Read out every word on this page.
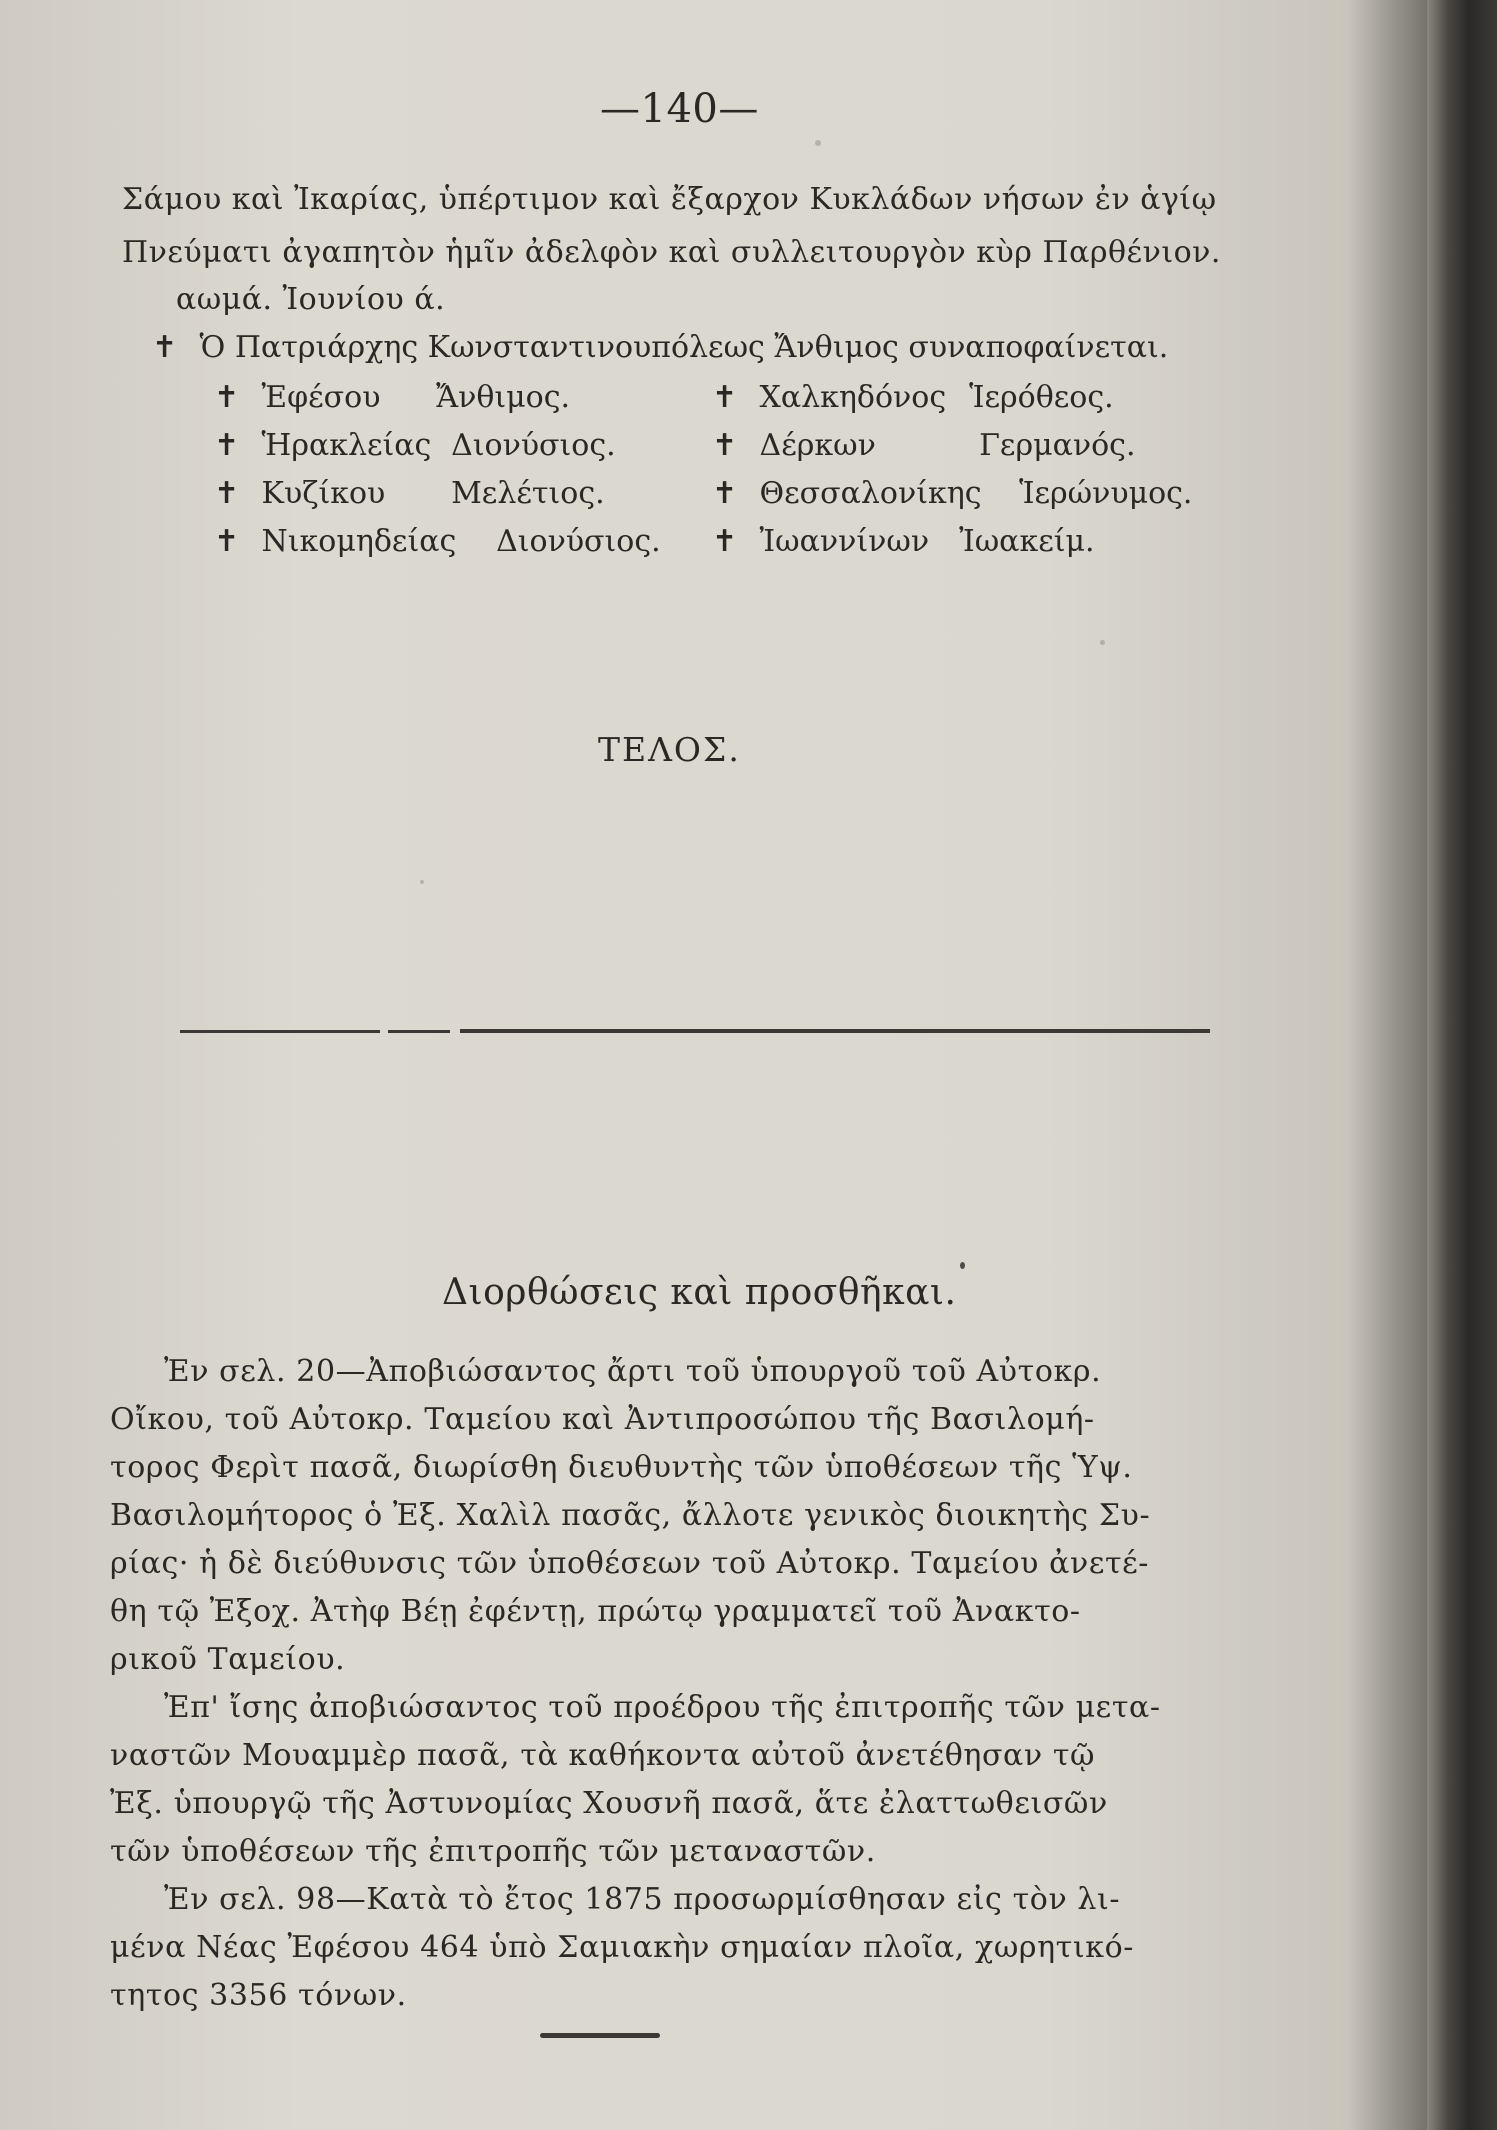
—140—
Σάμου καὶ Ἰκαρίας, ὑπέρτιμον καὶ ἔξαρχον Κυκλάδων νήσων ἐν ἁγίῳ
Πνεύματι ἀγαπητὸν ἡμῖν ἀδελφὸν καὶ συλλειτουργὸν κὺρ Παρθένιον.
αωμά. Ἰουνίου ά.
✝ Ὁ Πατριάρχης Κωνσταντινουπόλεως Ἄνθιμος συναποφαίνεται.
✝ Ἐφέσου Ἄνθιμος.	✝ Χαλκηδόνος Ἱερόθεος.
✝ Ἡρακλείας Διονύσιος.	✝ Δέρκων	Γερμανός.
✝ Κυζίκου Μελέτιος.	✝ Θεσσαλονίκης Ἱερώνυμος.
✝ Νικομηδείας Διονύσιος. ✝ Ἰωαννίνων Ἰωακείμ.
ΤΕΛΟΣ.
Διορθώσεις καὶ προσθῆκαι.
Ἐν σελ. 20—Ἀποβιώσαντος ἄρτι τοῦ ὑπουργοῦ τοῦ Αὐτοκρ.
Οἴκου, τοῦ Αὐτοκρ. Ταμείου καὶ Ἀντιπροσώπου τῆς Βασιλομή-
τορος Φερὶτ πασᾶ, διωρίσθη διευθυντὴς τῶν ὑποθέσεων τῆς Ὑψ.
Βασιλομήτορος ὁ Ἐξ. Χαλὶλ πασᾶς, ἄλλοτε γενικὸς διοικητὴς Συ-
ρίας· ἡ δὲ διεύθυνσις τῶν ὑποθέσεων τοῦ Αὐτοκρ. Ταμείου ἀνετέ-
θη τῷ Ἐξοχ. Ἀτὴφ Βέῃ ἐφέντῃ, πρώτῳ γραμματεῖ τοῦ Ἀνακτο-
ρικοῦ Ταμείου.
Ἐπ' ἴσης ἀποβιώσαντος τοῦ προέδρου τῆς ἐπιτροπῆς τῶν μετα-
ναστῶν Μουαμμὲρ πασᾶ, τὰ καθήκοντα αὐτοῦ ἀνετέθησαν τῷ
Ἐξ. ὑπουργῷ τῆς Ἀστυνομίας Χουσνῆ πασᾶ, ἅτε ἐλαττωθεισῶν
τῶν ὑποθέσεων τῆς ἐπιτροπῆς τῶν μεταναστῶν.
Ἐν σελ. 98—Κατὰ τὸ ἔτος 1875 προσωρμίσθησαν εἰς τὸν λι-
μένα Νέας Ἐφέσου 464 ὑπὸ Σαμιακὴν σημαίαν πλοῖα, χωρητικό-
τητος 3356 τόνων.
